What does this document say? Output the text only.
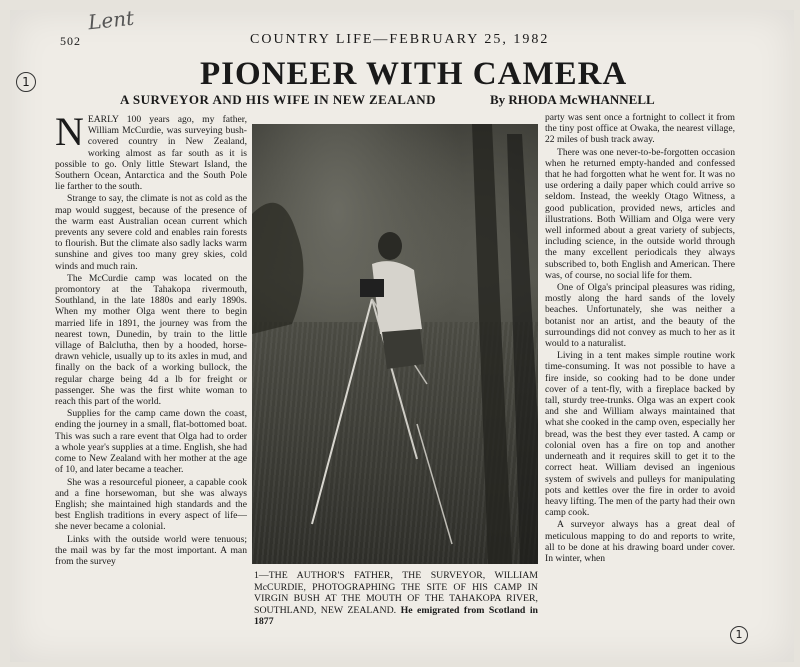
Lent
502	COUNTRY LIFE—FEBRUARY 25, 1982
1	PIONEER WITH CAMERA
A SURVEYOR AND HIS WIFE IN NEW ZEALAND	By RHODA McWHANNELL

NEARLY 100 years ago, my father, William McCurdie, was surveying bush-covered country in New Zealand, working almost as far south as it is possible to go. Only little Stewart Island, the Southern Ocean, Antarctica and the South Pole lie farther to the south.

Strange to say, the climate is not as cold as the map would suggest, because of the presence of the warm east Australian ocean current which prevents any severe cold and enables rain forests to flourish. But the climate also sadly lacks warm sunshine and gives too many grey skies, cold winds and much rain.

The McCurdie camp was located on the promontory at the Tahakopa rivermouth, Southland, in the late 1880s and early 1890s. When my mother Olga went there to begin married life in 1891, the journey was from the nearest town, Dunedin, by train to the little village of Balclutha, then by a hooded, horse-drawn vehicle, usually up to its axles in mud, and finally on the back of a working bullock, the regular charge being 4d a lb for freight or passenger. She was the first white woman to reach this part of the world.

Supplies for the camp came down the coast, ending the journey in a small, flat-bottomed boat. This was such a rare event that Olga had to order a whole year's supplies at a time. English, she had come to New Zealand with her mother at the age of 10, and later became a teacher.

She was a resourceful pioneer, a capable cook and a fine horsewoman, but she was always English; she maintained high standards and the best English traditions in every aspect of life—she never became a colonial.

Links with the outside world were tenuous; the mail was by far the most important. A man from the survey

1—THE AUTHOR'S FATHER, THE SURVEYOR, WILLIAM McCURDIE, PHOTOGRAPHING THE SITE OF HIS CAMP IN VIRGIN BUSH AT THE MOUTH OF THE TAHAKOPA RIVER, SOUTHLAND, NEW ZEALAND. He emigrated from Scotland in 1877

party was sent once a fortnight to collect it from the tiny post office at Owaka, the nearest village, 22 miles of bush track away.

There was one never-to-be-forgotten occasion when he returned empty-handed and confessed that he had forgotten what he went for. It was no use ordering a daily paper which could arrive so seldom. Instead, the weekly Otago Witness, a good publication, provided news, articles and illustrations. Both William and Olga were very well informed about a great variety of subjects, including science, in the outside world through the many excellent periodicals they always subscribed to, both English and American. There was, of course, no social life for them.

One of Olga's principal pleasures was riding, mostly along the hard sands of the lovely beaches. Unfortunately, she was neither a botanist nor an artist, and the beauty of the surroundings did not convey as much to her as it would to a naturalist.

Living in a tent makes simple routine work time-consuming. It was not possible to have a fire inside, so cooking had to be done under cover of a tent-fly, with a fireplace backed by tall, sturdy tree-trunks. Olga was an expert cook and she and William always maintained that what she cooked in the camp oven, especially her bread, was the best they ever tasted. A camp or colonial oven has a fire on top and another underneath and it requires skill to get it to the correct heat. William devised an ingenious system of swivels and pulleys for manipulating pots and kettles over the fire in order to avoid heavy lifting. The men of the party had their own camp cook.

A surveyor always has a great deal of meticulous mapping to do and reports to write, all to be done at his drawing board under cover. In winter, when

1
